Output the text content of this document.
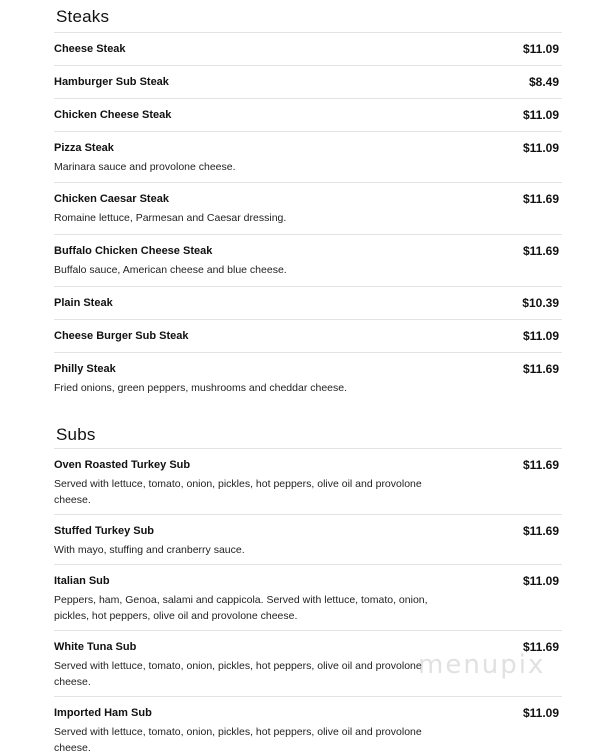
Steaks
Cheese Steak	$11.09
Hamburger Sub Steak	$8.49
Chicken Cheese Steak	$11.09
Pizza Steak	$11.09
Marinara sauce and provolone cheese.
Chicken Caesar Steak	$11.69
Romaine lettuce, Parmesan and Caesar dressing.
Buffalo Chicken Cheese Steak	$11.69
Buffalo sauce, American cheese and blue cheese.
Plain Steak	$10.39
Cheese Burger Sub Steak	$11.09
Philly Steak	$11.69
Fried onions, green peppers, mushrooms and cheddar cheese.
Subs
Oven Roasted Turkey Sub	$11.69
Served with lettuce, tomato, onion, pickles, hot peppers, olive oil and provolone cheese.
Stuffed Turkey Sub	$11.69
With mayo, stuffing and cranberry sauce.
Italian Sub	$11.09
Peppers, ham, Genoa, salami and cappicola. Served with lettuce, tomato, onion, pickles, hot peppers, olive oil and provolone cheese.
White Tuna Sub	$11.69
Served with lettuce, tomato, onion, pickles, hot peppers, olive oil and provolone cheese.
Imported Ham Sub	$11.09
Served with lettuce, tomato, onion, pickles, hot peppers, olive oil and provolone cheese.
menupix
